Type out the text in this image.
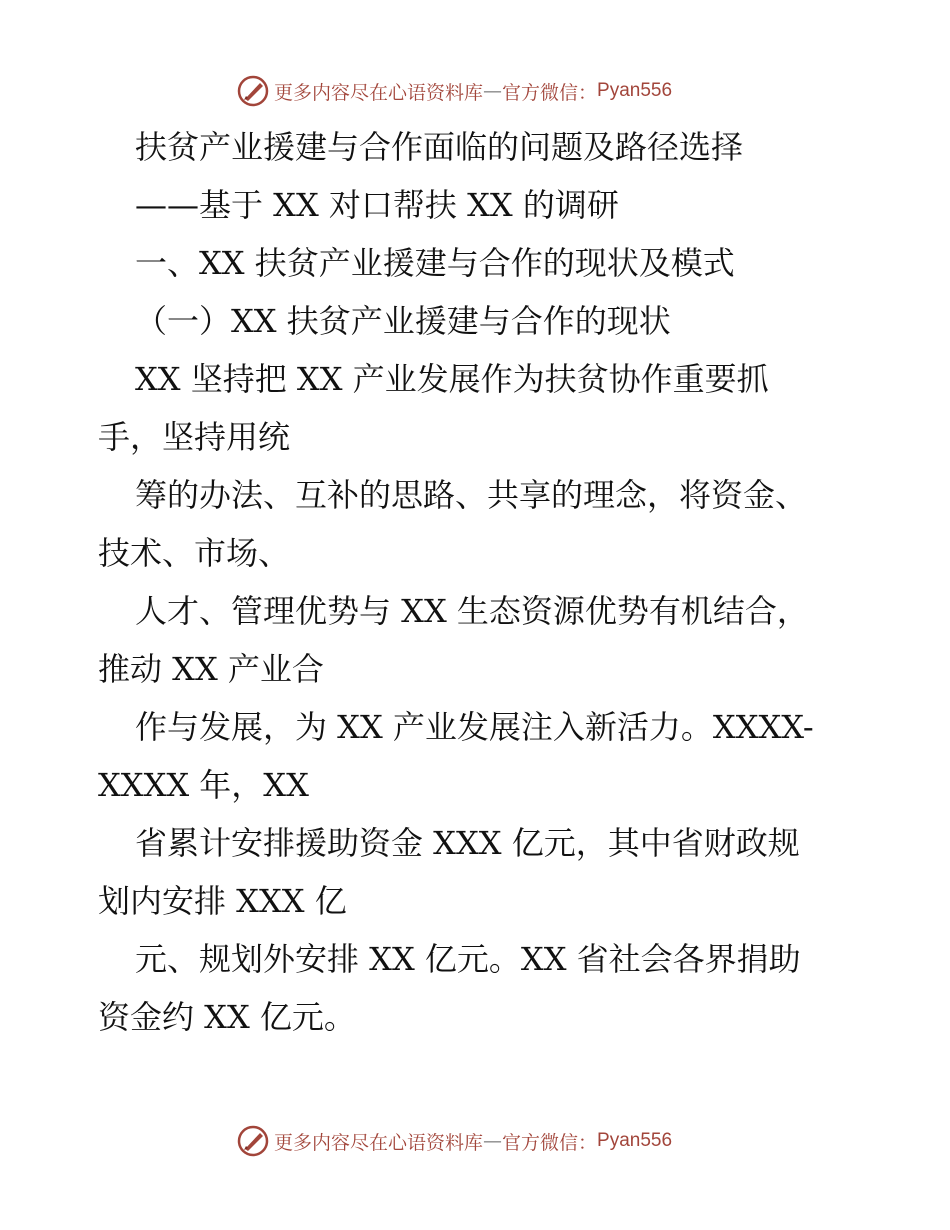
更多内容尽在心语资料库 — 官方微信： Pyan556
扶贫产业援建与合作面临的问题及路径选择
——基于 XX 对口帮扶 XX 的调研
一、XX 扶贫产业援建与合作的现状及模式
（一）XX 扶贫产业援建与合作的现状
XX 坚持把 XX 产业发展作为扶贫协作重要抓
手，坚持用统
筹的办法、互补的思路、共享的理念，将资金、
技术、市场、
人才、管理优势与 XX 生态资源优势有机结合，
推动 XX 产业合
作与发展，为 XX 产业发展注入新活力。XXXX-
XXXX 年，XX
省累计安排援助资金 XXX 亿元，其中省财政规
划内安排 XXX 亿
元、规划外安排 XX 亿元。XX 省社会各界捐助
资金约 XX 亿元。
更多内容尽在心语资料库 — 官方微信： Pyan556
